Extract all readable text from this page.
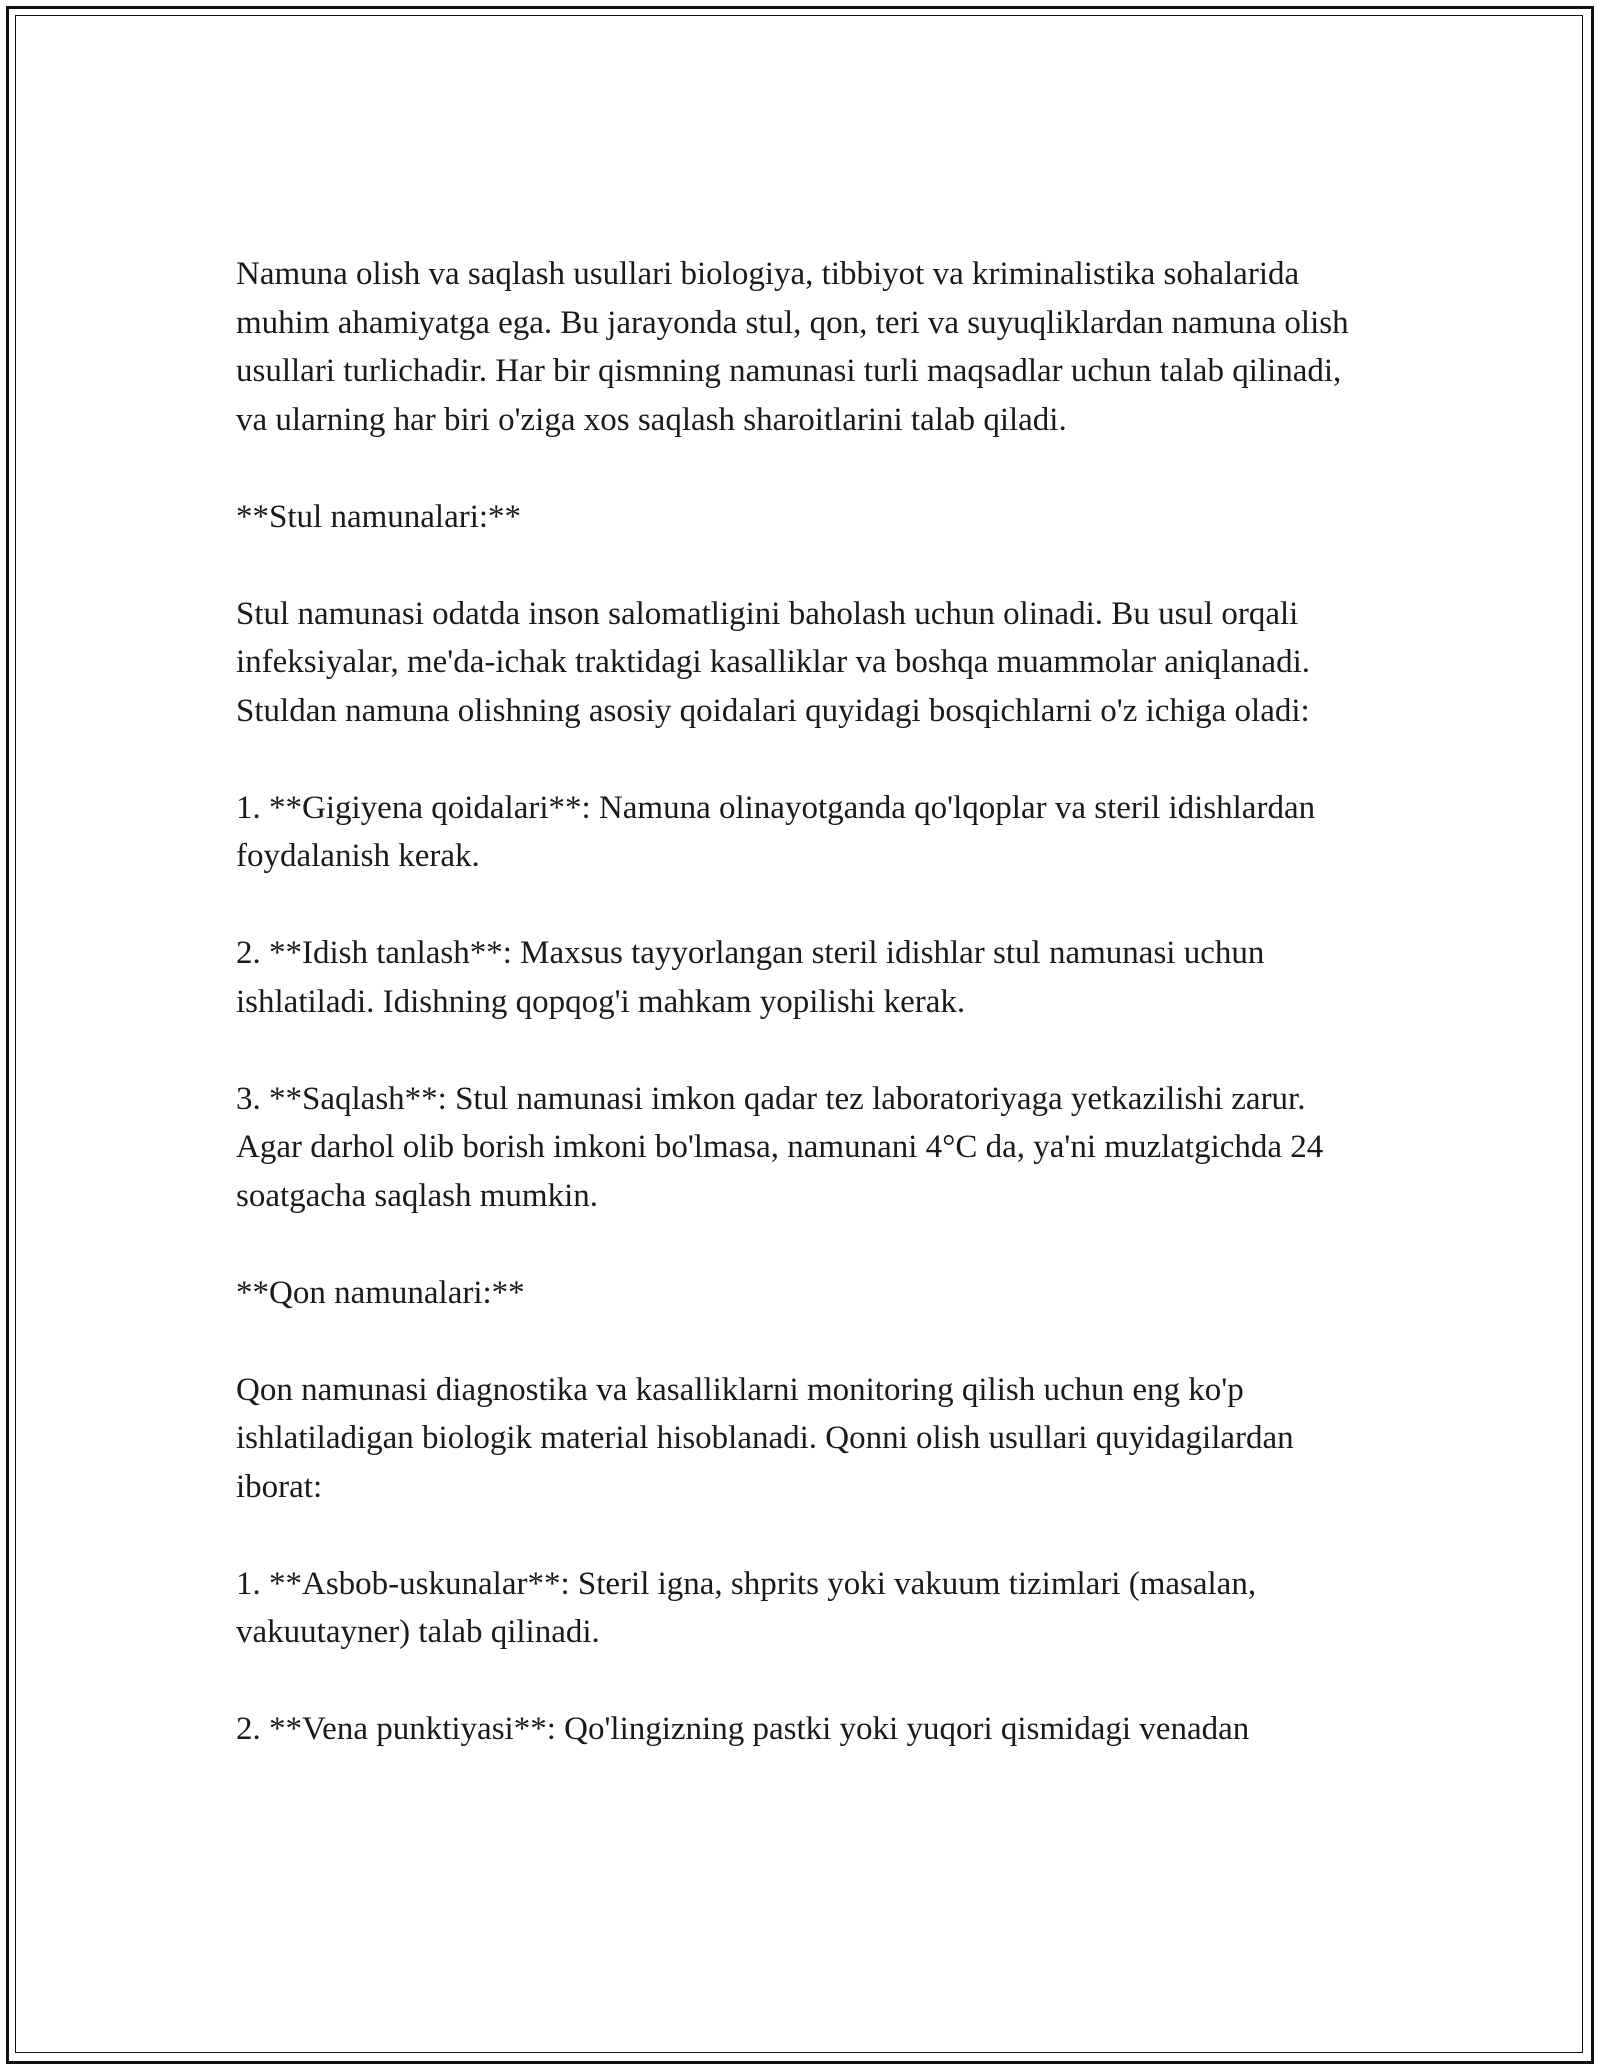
Namuna olish va saqlash usullari biologiya, tibbiyot va kriminalistika sohalarida muhim ahamiyatga ega. Bu jarayonda stul, qon, teri va suyuqliklardan namuna olish usullari turlichadir. Har bir qismning namunasi turli maqsadlar uchun talab qilinadi, va ularning har biri o'ziga xos saqlash sharoitlarini talab qiladi.

**Stul namunalari:**

Stul namunasi odatda inson salomatligini baholash uchun olinadi. Bu usul orqali infeksiyalar, me'da-ichak traktidagi kasalliklar va boshqa muammolar aniqlanadi. Stuldan namuna olishning asosiy qoidalari quyidagi bosqichlarni o'z ichiga oladi:

1. **Gigiyena qoidalari**: Namuna olinayotganda qo'lqoplar va steril idishlardan foydalanish kerak.

2. **Idish tanlash**: Maxsus tayyorlangan steril idishlar stul namunasi uchun ishlatiladi. Idishning qopqog'i mahkam yopilishi kerak.

3. **Saqlash**: Stul namunasi imkon qadar tez laboratoriyaga yetkazilishi zarur. Agar darhol olib borish imkoni bo'lmasa, namunani 4°C da, ya'ni muzlatgichda 24 soatgacha saqlash mumkin.

**Qon namunalari:**

Qon namunasi diagnostika va kasalliklarni monitoring qilish uchun eng ko'p ishlatiladigan biologik material hisoblanadi. Qonni olish usullari quyidagilardan iborat:

1. **Asbob-uskunalar**: Steril igna, shprits yoki vakuum tizimlari (masalan, vakuutayner) talab qilinadi.

2. **Vena punktiyasi**: Qo'lingizning pastki yoki yuqori qismidagi venadan
